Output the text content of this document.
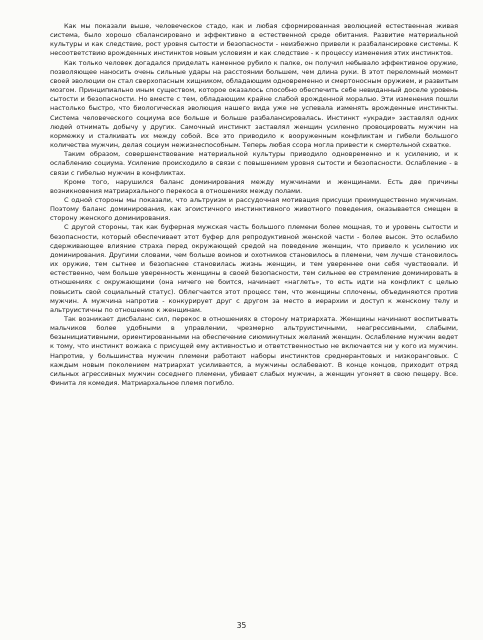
Как мы показали выше, человеческое стадо, как и любая сформированная эволюцией естественная живая система, было хорошо сбалансировано и эффективно в естественной среде обитания. Развитие материальной культуры и как следствие, рост уровня сытости и безопасности - неизбежно привели к разбалансировке системы. К несоответствию врожденных инстинктов новым условиям и как следствие - к процессу изменения этих инстинктов.

Как только человек догадался приделать каменное рубило к палке, он получил небывало эффективное оружие, позволяющее наносить очень сильные удары на расстоянии большем, чем длина руки. В этот переломный момент своей эволюции он стал сверхопасным хищником, обладающим одновременно и смертоносным оружием, и развитым мозгом. Принципиально иным существом, которое оказалось способно обеспечить себе невиданный доселе уровень сытости и безопасности. Но вместе с тем, обладающим крайне слабой врожденной моралью. Эти изменения пошли настолько быстро, что биологическая эволюция нашего вида уже не успевала изменять врожденные инстинкты. Система человеческого социума все больше и больше разбалансировалась. Инстинкт «укради» заставлял одних людей отнимать добычу у других. Самочный инстинкт заставлял женщин усиленно провоцировать мужчин на кормежку и сталкивать их между собой. Все это приводило к вооруженным конфликтам и гибели большого количества мужчин, делая социум нежизнеспособным. Теперь любая ссора могла привести к смертельной схватке.

Таким образом, совершенствование материальной культуры приводило одновременно и к усилению, и к ослаблению социума. Усиление происходило в связи с повышением уровня сытости и безопасности. Ослабление - в связи с гибелью мужчин в конфликтах.

Кроме того, нарушился баланс доминирования между мужчинами и женщинами. Есть две причины возникновения матриархального перекоса в отношениях между полами.

С одной стороны мы показали, что альтруизм и рассудочная мотивация присущи преимущественно мужчинам. Поэтому баланс доминирования, как эгоистичного инстинктивного животного поведения, оказывается смещен в сторону женского доминирования.

С другой стороны, так как буферная мужская часть большого племени более мощная, то и уровень сытости и безопасности, который обеспечивает этот буфер для репродуктивной женской части - более высок. Это ослабило сдерживающее влияние страха перед окружающей средой на поведение женщин, что привело к усилению их доминирования. Другими словами, чем больше воинов и охотников становилось в племени, чем лучше становилось их оружие, тем сытнее и безопаснее становилась жизнь женщин, и тем увереннее они себя чувствовали. И естественно, чем больше уверенность женщины в своей безопасности, тем сильнее ее стремление доминировать в отношениях с окружающими (она ничего не боится, начинает «наглеть», то есть идти на конфликт с целью повысить свой социальный статус). Облегчается этот процесс тем, что женщины сплочены, объединяются против мужчин. А мужчина напротив - конкурирует друг с другом за место в иерархии и доступ к женскому телу и альтруистичны по отношению к женщинам.

Так возникает дисбаланс сил, перекос в отношениях в сторону матриархата. Женщины начинают воспитывать мальчиков более удобными в управлении, чрезмерно альтруистичными, неагрессивными, слабыми, безынициативными, ориентированными на обеспечение сиюминутных желаний женщин. Ослабление мужчин ведет к тому, что инстинкт вожака с присущей ему активностью и ответственностью не включается ни у кого из мужчин. Напротив, у большинства мужчин племени работают наборы инстинктов среднерантовых и низкоранговых. С каждым новым поколением матриархат усиливается, а мужчины ослабевают. В конце концов, приходит отряд сильных агрессивных мужчин соседнего племени, убивает слабых мужчин, а женщин угоняет в свою пещеру. Все. Финита ля комедия. Матриархальное племя погибло.

35
